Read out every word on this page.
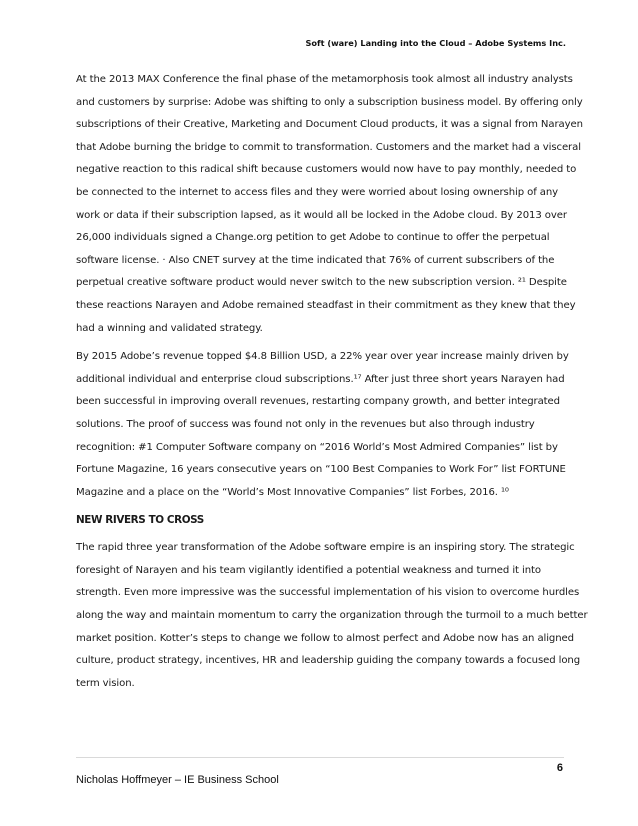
Soft (ware) Landing into the Cloud – Adobe Systems Inc.

At the 2013 MAX Conference the final phase of the metamorphosis took almost all industry analysts
and customers by surprise: Adobe was shifting to only a subscription business model. By offering only
subscriptions of their Creative, Marketing and Document Cloud products, it was a signal from Narayen
that Adobe burning the bridge to commit to transformation. Customers and the market had a visceral
negative reaction to this radical shift because customers would now have to pay monthly, needed to
be connected to the internet to access files and they were worried about losing ownership of any
work or data if their subscription lapsed, as it would all be locked in the Adobe cloud. By 2013 over
26,000 individuals signed a Change.org petition to get Adobe to continue to offer the perpetual
software license. · Also CNET survey at the time indicated that 76% of current subscribers of the
perpetual creative software product would never switch to the new subscription version. ²¹ Despite
these reactions Narayen and Adobe remained steadfast in their commitment as they knew that they
had a winning and validated strategy.

By 2015 Adobe’s revenue topped $4.8 Billion USD, a 22% year over year increase mainly driven by
additional individual and enterprise cloud subscriptions.¹⁷ After just three short years Narayen had
been successful in improving overall revenues, restarting company growth, and better integrated
solutions. The proof of success was found not only in the revenues but also through industry
recognition: #1 Computer Software company on “2016 World’s Most Admired Companies” list by
Fortune Magazine, 16 years consecutive years on “100 Best Companies to Work For” list FORTUNE
Magazine and a place on the “World’s Most Innovative Companies” list Forbes, 2016. ¹⁰

NEW RIVERS TO CROSS

The rapid three year transformation of the Adobe software empire is an inspiring story. The strategic
foresight of Narayen and his team vigilantly identified a potential weakness and turned it into
strength. Even more impressive was the successful implementation of his vision to overcome hurdles
along the way and maintain momentum to carry the organization through the turmoil to a much better
market position. Kotter’s steps to change we follow to almost perfect and Adobe now has an aligned
culture, product strategy, incentives, HR and leadership guiding the company towards a focused long
term vision.

6
Nicholas Hoffmeyer – IE Business School
